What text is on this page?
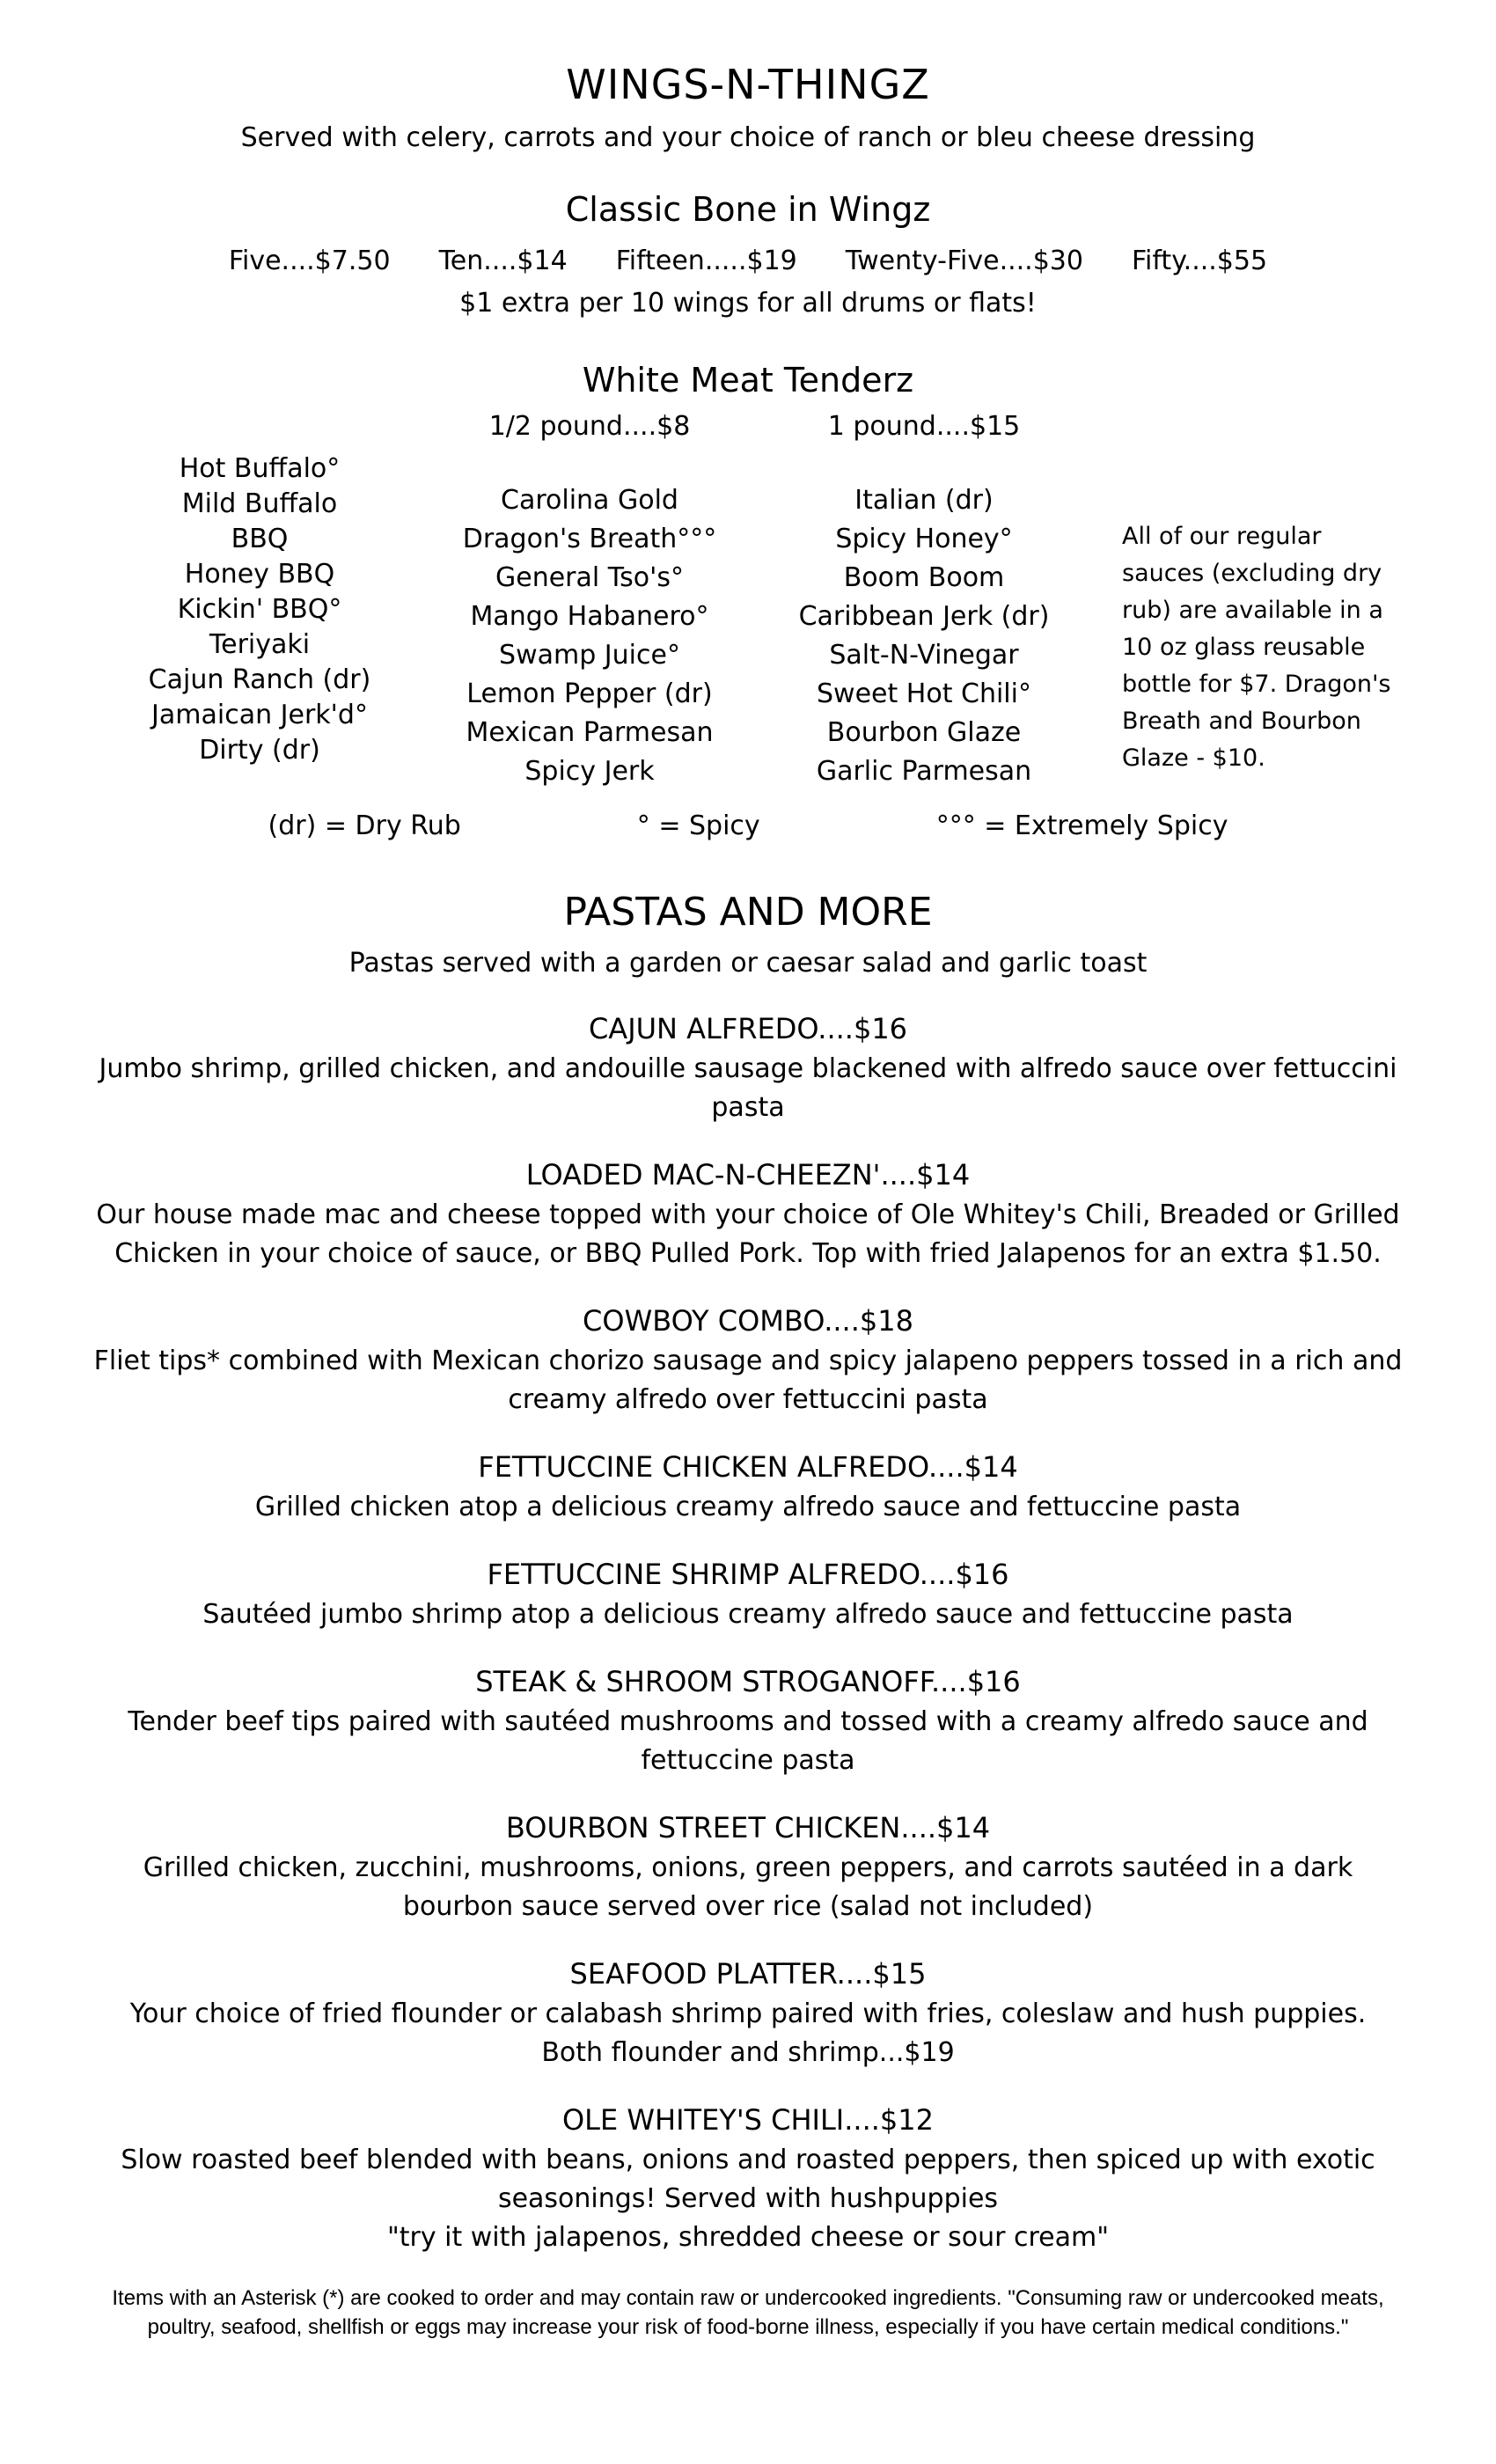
WINGS-N-THINGZ
Served with celery, carrots and your choice of ranch or bleu cheese dressing
Classic Bone in Wingz
Five....$7.50 Ten....$14 Fifteen.....$19 Twenty-Five....$30 Fifty....$55
$1 extra per 10 wings for all drums or flats!
White Meat Tenderz
1/2 pound....$8	1 pound....$15
Hot Buffalo°
Mild Buffalo
BBQ
Honey BBQ
Kickin' BBQ°
Teriyaki
Cajun Ranch (dr)
Jamaican Jerk'd°
Dirty (dr)
Carolina Gold
Dragon's Breath°°°
General Tso's°
Mango Habanero°
Swamp Juice°
Lemon Pepper (dr)
Mexican Parmesan
Spicy Jerk
Italian (dr)
Spicy Honey°
Boom Boom
Caribbean Jerk (dr)
Salt-N-Vinegar
Sweet Hot Chili°
Bourbon Glaze
Garlic Parmesan
All of our regular sauces (excluding dry rub) are available in a 10 oz glass reusable bottle for $7. Dragon's Breath and Bourbon Glaze - $10.
(dr) = Dry Rub	° = Spicy	°°° = Extremely Spicy
PASTAS AND MORE
Pastas served with a garden or caesar salad and garlic toast
CAJUN ALFREDO....$16

Jumbo shrimp, grilled chicken, and andouille sausage blackened with alfredo sauce over fettuccini pasta

LOADED MAC-N-CHEEZN'....$14

Our house made mac and cheese topped with your choice of Ole Whitey's Chili, Breaded or Grilled Chicken in your choice of sauce, or BBQ Pulled Pork. Top with fried Jalapenos for an extra $1.50.

COWBOY COMBO....$18

Fliet tips* combined with Mexican chorizo sausage and spicy jalapeno peppers tossed in a rich and creamy alfredo over fettuccini pasta

FETTUCCINE CHICKEN ALFREDO....$14

Grilled chicken atop a delicious creamy alfredo sauce and fettuccine pasta

FETTUCCINE SHRIMP ALFREDO....$16

Sautéed jumbo shrimp atop a delicious creamy alfredo sauce and fettuccine pasta

STEAK & SHROOM STROGANOFF....$16

Tender beef tips paired with sautéed mushrooms and tossed with a creamy alfredo sauce and fettuccine pasta

BOURBON STREET CHICKEN....$14

Grilled chicken, zucchini, mushrooms, onions, green peppers, and carrots sautéed in a dark bourbon sauce served over rice (salad not included)

SEAFOOD PLATTER....$15

Your choice of fried flounder or calabash shrimp paired with fries, coleslaw and hush puppies.

Both flounder and shrimp...$19

OLE WHITEY'S CHILI....$12

Slow roasted beef blended with beans, onions and roasted peppers, then spiced up with exotic seasonings! Served with hushpuppies

"try it with jalapenos, shredded cheese or sour cream"

Items with an Asterisk (*) are cooked to order and may contain raw or undercooked ingredients. "Consuming raw or undercooked meats, poultry, seafood, shellfish or eggs may increase your risk of food-borne illness, especially if you have certain medical conditions."
